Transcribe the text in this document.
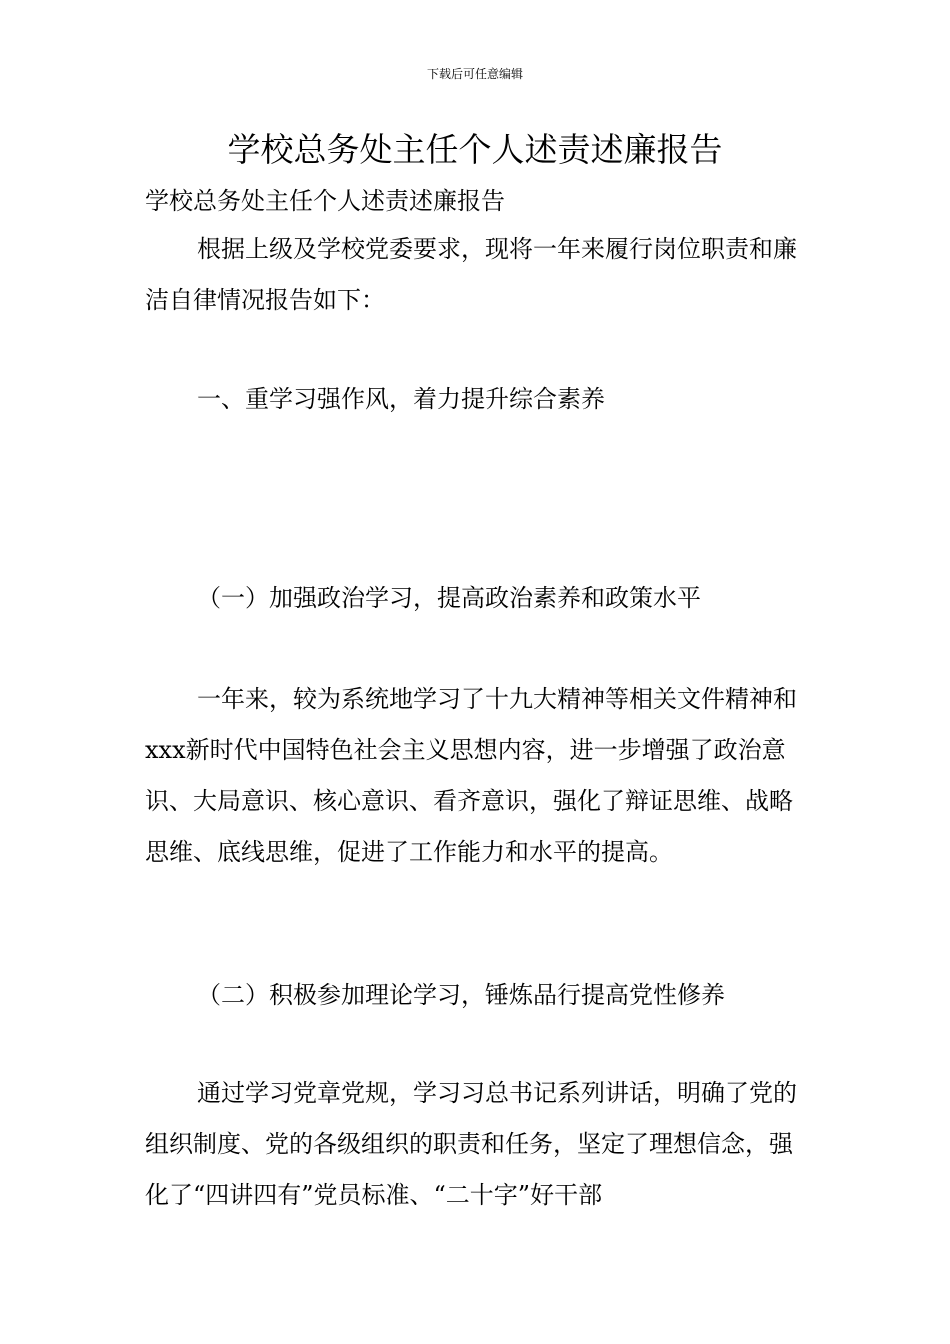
下载后可任意编辑
学校总务处主任个人述责述廉报告

学校总务处主任个人述责述廉报告

根据上级及学校党委要求，现将一年来履行岗位职责和廉洁自律情况报告如下：

一、重学习强作风，着力提升综合素养

（一）加强政治学习，提高政治素养和政策水平

一年来，较为系统地学习了十九大精神等相关文件精神和xxx新时代中国特色社会主义思想内容，进一步增强了政治意识、大局意识、核心意识、看齐意识，强化了辩证思维、战略思维、底线思维，促进了工作能力和水平的提高。

（二）积极参加理论学习，锤炼品行提高党性修养

通过学习党章党规，学习习总书记系列讲话，明确了党的组织制度、党的各级组织的职责和任务，坚定了理想信念，强化了“四讲四有”党员标准、“二十字”好干部
